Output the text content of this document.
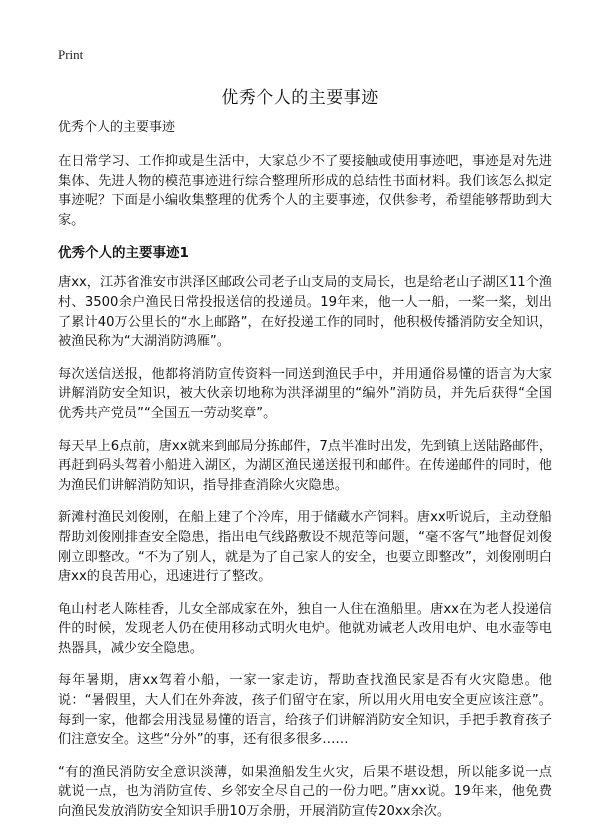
Print
优秀个人的主要事迹
优秀个人的主要事迹

在日常学习、工作抑或是生活中，大家总少不了要接触或使用事迹吧，事迹是对先进集体、先进人物的模范事迹进行综合整理所形成的总结性书面材料。我们该怎么拟定事迹呢？下面是小编收集整理的优秀个人的主要事迹，仅供参考，希望能够帮助到大家。

优秀个人的主要事迹1

唐xx，江苏省淮安市洪泽区邮政公司老子山支局的支局长，也是给老山子湖区11个渔村、3500余户渔民日常投报送信的投递员。19年来，他一人一船，一桨一桨，划出了累计40万公里长的“水上邮路”，在好投递工作的同时，他积极传播消防安全知识，被渔民称为“大湖消防鸿雁”。

每次送信送报，他都将消防宣传资料一同送到渔民手中，并用通俗易懂的语言为大家讲解消防安全知识，被大伙亲切地称为洪泽湖里的“编外”消防员，并先后获得“全国优秀共产党员”“全国五一劳动奖章”。

每天早上6点前，唐xx就来到邮局分拣邮件，7点半准时出发，先到镇上送陆路邮件，再赶到码头驾着小船进入湖区，为湖区渔民递送报刊和邮件。在传递邮件的同时，他为渔民们讲解消防知识，指导排查消除火灾隐患。

新滩村渔民刘俊刚，在船上建了个冷库，用于储藏水产饲料。唐xx听说后，主动登船帮助刘俊刚排查安全隐患，指出电气线路敷设不规范等问题，“毫不客气”地督促刘俊刚立即整改。“不为了别人，就是为了自己家人的安全，也要立即整改”，刘俊刚明白唐xx的良苦用心，迅速进行了整改。

龟山村老人陈桂香，儿女全部成家在外，独自一人住在渔船里。唐xx在为老人投递信件的时候，发现老人仍在使用移动式明火电炉。他就劝诫老人改用电炉、电水壶等电热器具，减少安全隐患。

每年暑期，唐xx驾着小船，一家一家走访，帮助查找渔民家是否有火灾隐患。他说：“暑假里，大人们在外奔波，孩子们留守在家，所以用火用电安全更应该注意”。每到一家，他都会用浅显易懂的语言，给孩子们讲解消防安全知识，手把手教育孩子们注意安全。这些“分外”的事，还有很多很多……

“有的渔民消防安全意识淡薄，如果渔船发生火灾，后果不堪设想，所以能多说一点就说一点，也为消防宣传、乡邻安全尽自己的一份力吧。”唐xx说。19年来，他免费向渔民发放消防安全知识手册10万余册，开展消防宣传20xx余次。
